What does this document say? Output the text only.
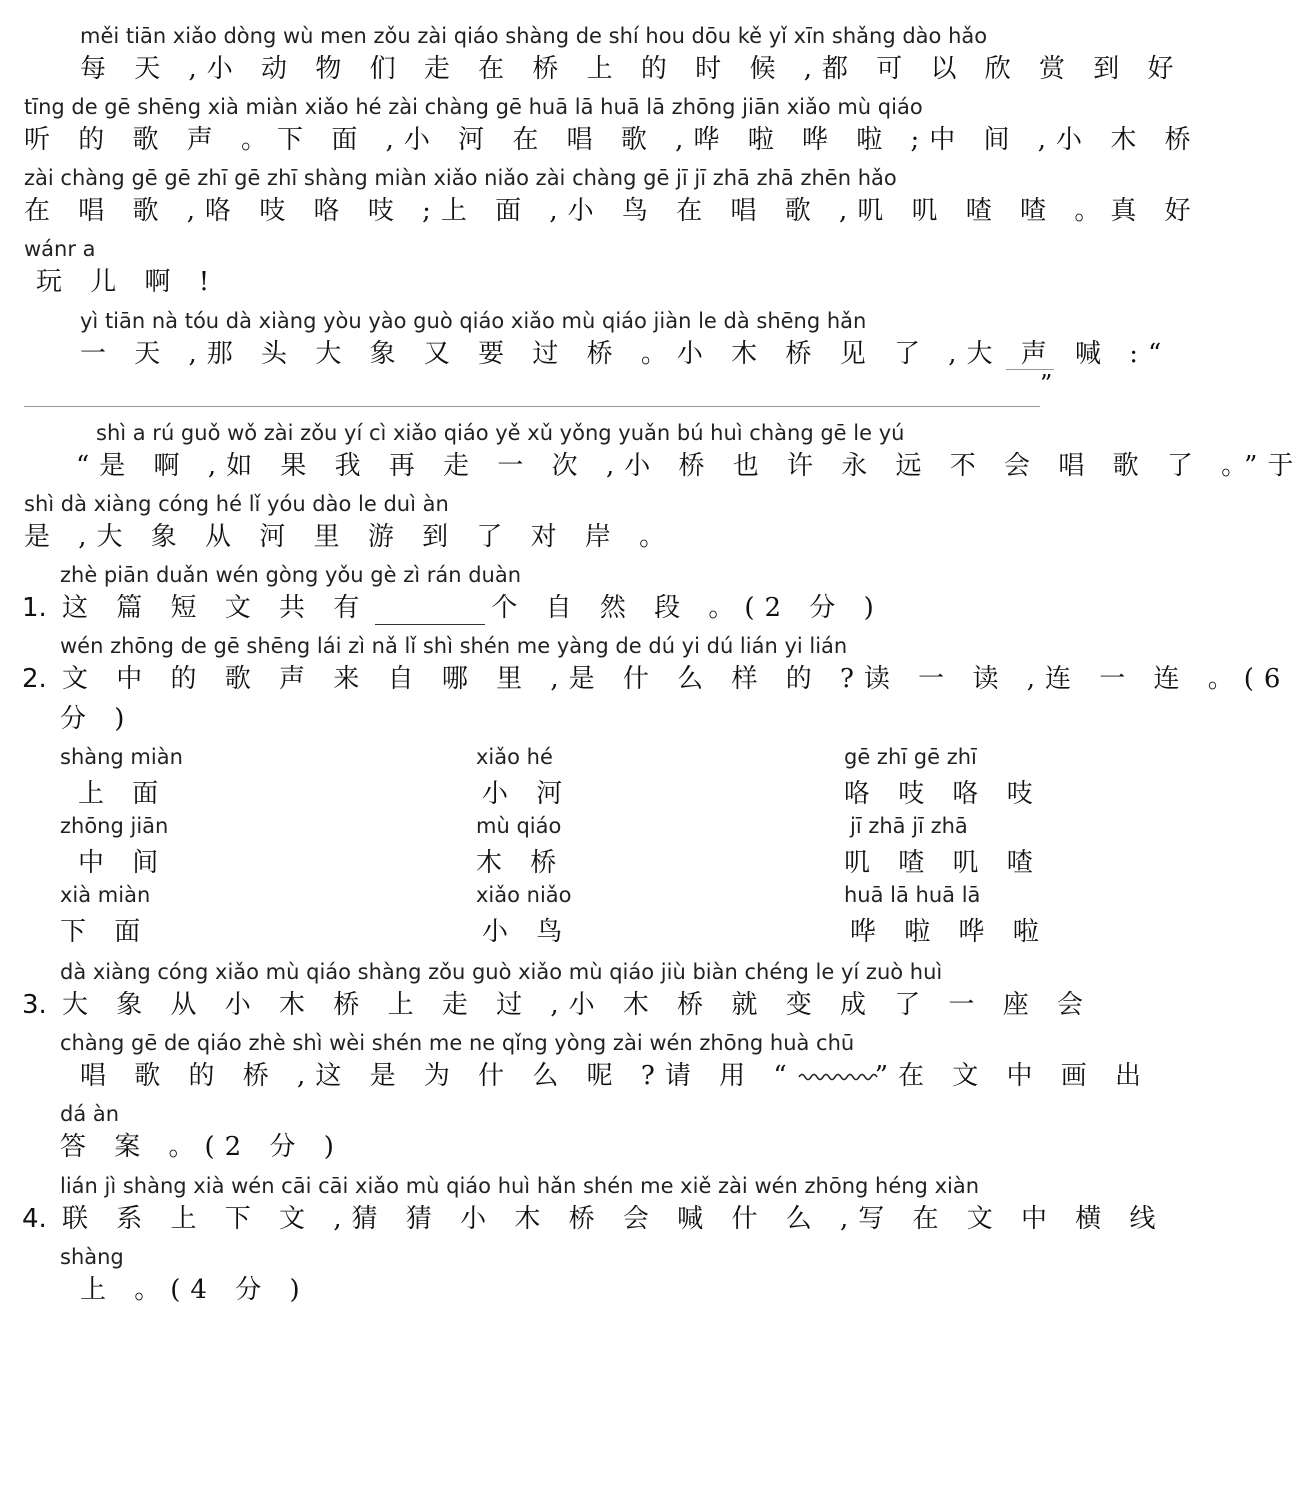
měi tiān xiǎo dòng wù men zǒu zài qiáo shàng de shí hou dōu kě yǐ xīn shǎng dào hǎo
每 天 ,小 动 物 们 走 在 桥 上 的 时 候 ,都 可 以 欣 赏 到 好
tīng de gē shēng xià miàn xiǎo hé zài chàng gē huā lā huā lā zhōng jiān xiǎo mù qiáo
听 的 歌 声 。下 面 ,小 河 在 唱 歌 ,哗 啦 哗 啦 ;中 间 ,小 木 桥
zài chàng gē gē zhī gē zhī shàng miàn xiǎo niǎo zài chàng gē jī jī zhā zhā zhēn hǎo
在 唱 歌 ,咯 吱 咯 吱 ;上 面 ,小 鸟 在 唱 歌 ,叽 叽 喳 喳 。真 好
wánr a
玩 儿 啊 !
yì tiān nà tóu dà xiàng yòu yào guò qiáo xiǎo mù qiáo jiàn le dà shēng hǎn
一 天 ,那 头 大 象 又 要 过 桥 。小 木 桥 见 了 ,大 声 喊 :“
”
shì a rú guǒ wǒ zài zǒu yí cì xiǎo qiáo yě xǔ yǒng yuǎn bú huì chàng gē le yú
“是 啊 ,如 果 我 再 走 一 次 ,小 桥 也 许 永 远 不 会 唱 歌 了 。”于
shì dà xiàng cóng hé lǐ yóu dào le duì àn
是 ,大 象 从 河 里 游 到 了 对 岸 。
zhè piān duǎn wén gòng yǒu gè zì rán duàn
1. 这 篇 短 文 共 有	个 自 然 段 。(2 分 )
wén zhōng de gē shēng lái zì nǎ lǐ shì shén me yàng de dú yi dú lián yi lián
2. 文 中 的 歌 声 来 自 哪 里 ,是 什 么 样 的 ?读 一 读 ,连 一 连 。(6
分 )
shàng miàn
上 面
zhōng jiān
中 间
xià miàn
下 面
xiǎo hé
小 河
mù qiáo
木 桥
xiǎo niǎo
小 鸟
gē zhī gē zhī
咯 吱 咯 吱
jī zhā jī zhā
叽 喳 叽 喳
huā lā huā lā
哗 啦 哗 啦
dà xiàng cóng xiǎo mù qiáo shàng zǒu guò xiǎo mù qiáo jiù biàn chéng le yí zuò huì
3. 大 象 从 小 木 桥 上 走 过 ,小 木 桥 就 变 成 了 一 座 会
chàng gē de qiáo zhè shì wèi shén me ne qǐng yòng zài wén zhōng huà chū
唱 歌 的 桥 ,这 是 为 什 么 呢 ?请 用 “	”在 文 中 画 出
dá àn
答 案 。(2 分 )
lián jì shàng xià wén cāi cāi xiǎo mù qiáo huì hǎn shén me xiě zài wén zhōng héng xiàn
4. 联 系 上 下 文 ,猜 猜 小 木 桥 会 喊 什 么 ,写 在 文 中 横 线
shàng
上 。(4 分 )
